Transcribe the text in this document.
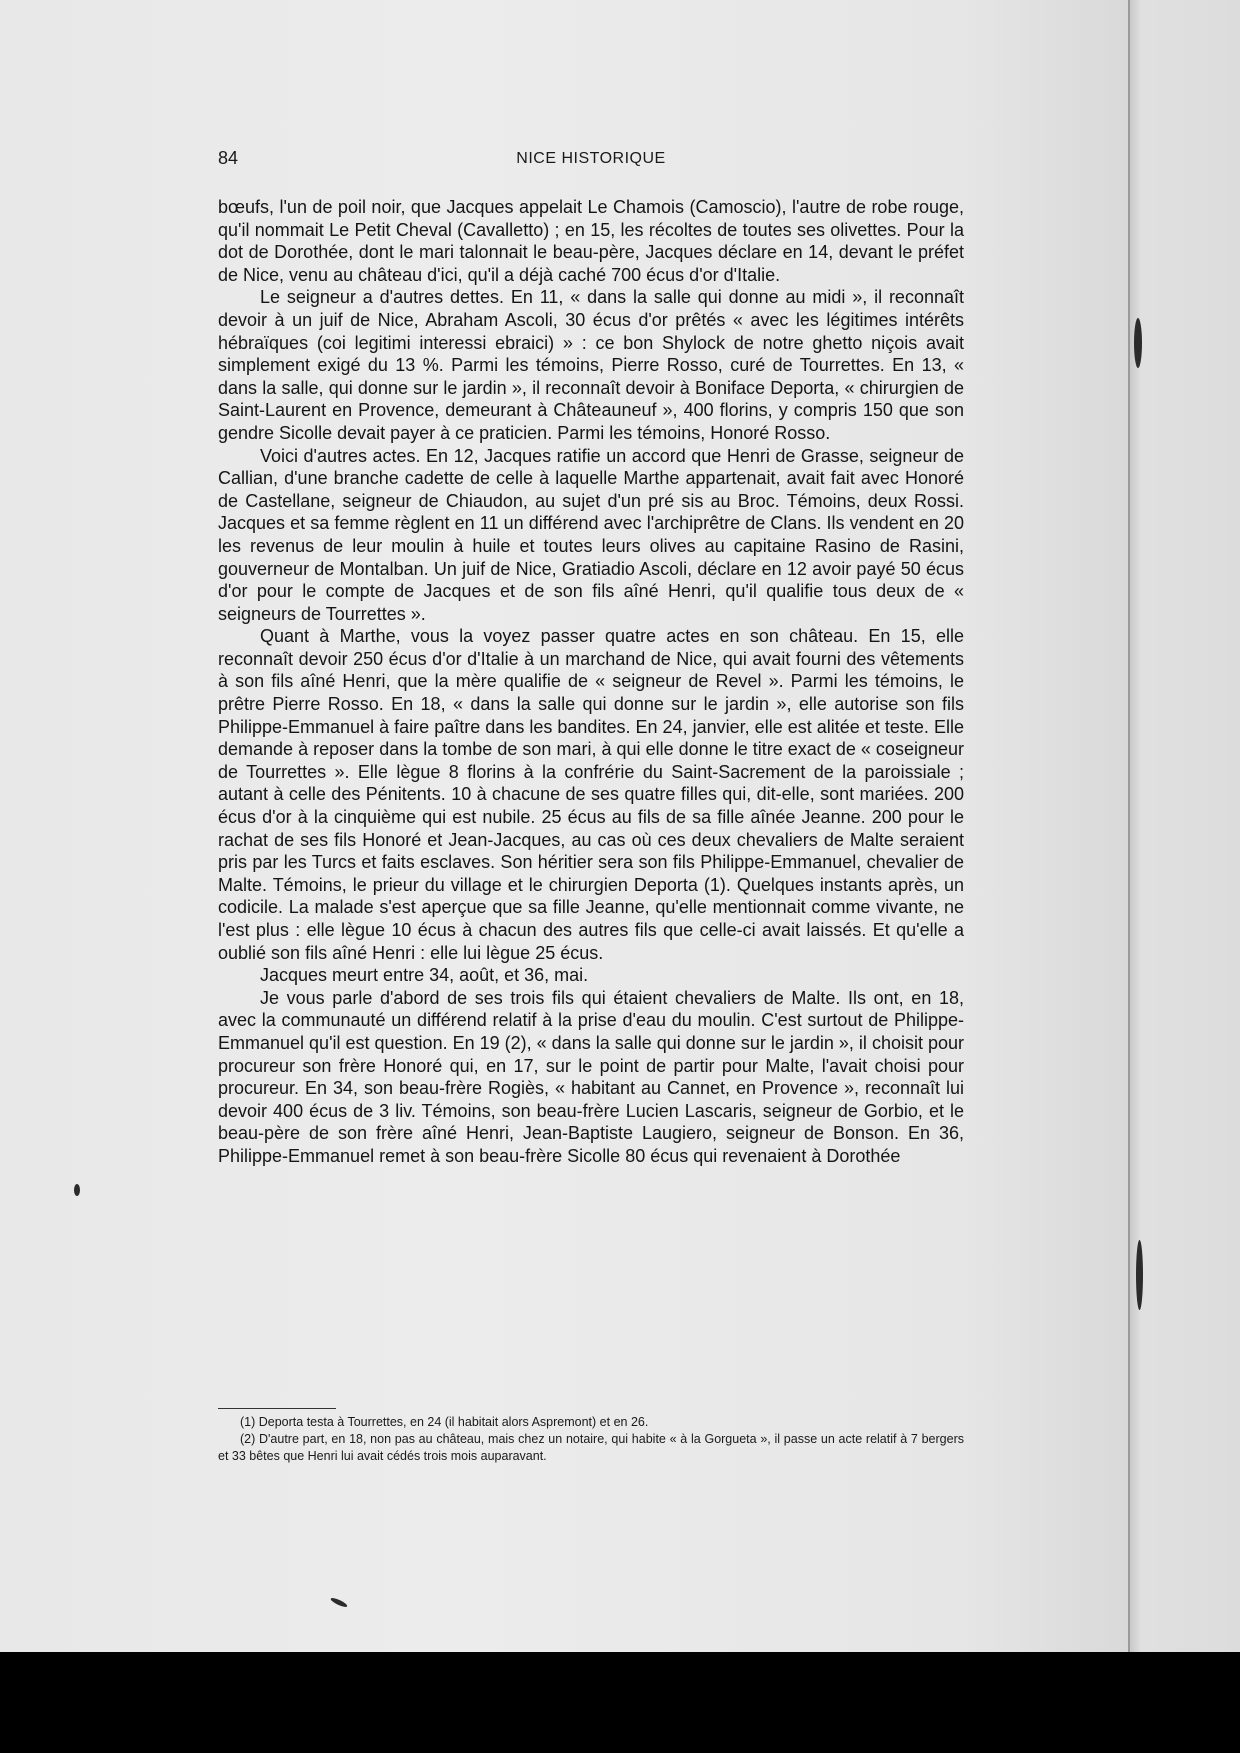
84	NICE HISTORIQUE

bœufs, l'un de poil noir, que Jacques appelait Le Chamois (Camoscio), l'autre de robe rouge, qu'il nommait Le Petit Cheval (Cavalletto) ; en 15, les récoltes de toutes ses olivettes. Pour la dot de Dorothée, dont le mari talonnait le beau-père, Jacques déclare en 14, devant le préfet de Nice, venu au château d'ici, qu'il a déjà caché 700 écus d'or d'Italie.

Le seigneur a d'autres dettes. En 11, « dans la salle qui donne au midi », il reconnaît devoir à un juif de Nice, Abraham Ascoli, 30 écus d'or prêtés « avec les légitimes intérêts hébraïques (coi legitimi interessi ebraici) » : ce bon Shylock de notre ghetto niçois avait simplement exigé du 13 %. Parmi les témoins, Pierre Rosso, curé de Tourrettes. En 13, « dans la salle, qui donne sur le jardin », il reconnaît devoir à Boniface Deporta, « chirurgien de Saint-Laurent en Provence, demeurant à Châteauneuf », 400 florins, y compris 150 que son gendre Sicolle devait payer à ce praticien. Parmi les témoins, Honoré Rosso.

Voici d'autres actes. En 12, Jacques ratifie un accord que Henri de Grasse, seigneur de Callian, d'une branche cadette de celle à laquelle Marthe appartenait, avait fait avec Honoré de Castellane, seigneur de Chiaudon, au sujet d'un pré sis au Broc. Témoins, deux Rossi. Jacques et sa femme règlent en 11 un différend avec l'archiprêtre de Clans. Ils vendent en 20 les revenus de leur moulin à huile et toutes leurs olives au capitaine Rasino de Rasini, gouverneur de Montalban. Un juif de Nice, Gratiadio Ascoli, déclare en 12 avoir payé 50 écus d'or pour le compte de Jacques et de son fils aîné Henri, qu'il qualifie tous deux de « seigneurs de Tourrettes ».

Quant à Marthe, vous la voyez passer quatre actes en son château. En 15, elle reconnaît devoir 250 écus d'or d'Italie à un marchand de Nice, qui avait fourni des vêtements à son fils aîné Henri, que la mère qualifie de « seigneur de Revel ». Parmi les témoins, le prêtre Pierre Rosso. En 18, « dans la salle qui donne sur le jardin », elle autorise son fils Philippe-Emmanuel à faire paître dans les bandites. En 24, janvier, elle est alitée et teste. Elle demande à reposer dans la tombe de son mari, à qui elle donne le titre exact de « coseigneur de Tourrettes ». Elle lègue 8 florins à la confrérie du Saint-Sacrement de la paroissiale ; autant à celle des Pénitents. 10 à chacune de ses quatre filles qui, dit-elle, sont mariées. 200 écus d'or à la cinquième qui est nubile. 25 écus au fils de sa fille aînée Jeanne. 200 pour le rachat de ses fils Honoré et Jean-Jacques, au cas où ces deux chevaliers de Malte seraient pris par les Turcs et faits esclaves. Son héritier sera son fils Philippe-Emmanuel, chevalier de Malte. Témoins, le prieur du village et le chirurgien Deporta (1). Quelques instants après, un codicile. La malade s'est aperçue que sa fille Jeanne, qu'elle mentionnait comme vivante, ne l'est plus : elle lègue 10 écus à chacun des autres fils que celle-ci avait laissés. Et qu'elle a oublié son fils aîné Henri : elle lui lègue 25 écus.

Jacques meurt entre 34, août, et 36, mai.

Je vous parle d'abord de ses trois fils qui étaient chevaliers de Malte. Ils ont, en 18, avec la communauté un différend relatif à la prise d'eau du moulin. C'est surtout de Philippe-Emmanuel qu'il est question. En 19 (2), « dans la salle qui donne sur le jardin », il choisit pour procureur son frère Honoré qui, en 17, sur le point de partir pour Malte, l'avait choisi pour procureur. En 34, son beau-frère Rogiès, « habitant au Cannet, en Provence », reconnaît lui devoir 400 écus de 3 liv. Témoins, son beau-frère Lucien Lascaris, seigneur de Gorbio, et le beau-père de son frère aîné Henri, Jean-Baptiste Laugiero, seigneur de Bonson. En 36, Philippe-Emmanuel remet à son beau-frère Sicolle 80 écus qui revenaient à Dorothée

(1) Deporta testa à Tourrettes, en 24 (il habitait alors Aspremont) et en 26.

(2) D'autre part, en 18, non pas au château, mais chez un notaire, qui habite « à la Gorgueta », il passe un acte relatif à 7 bergers et 33 bêtes que Henri lui avait cédés trois mois auparavant.
